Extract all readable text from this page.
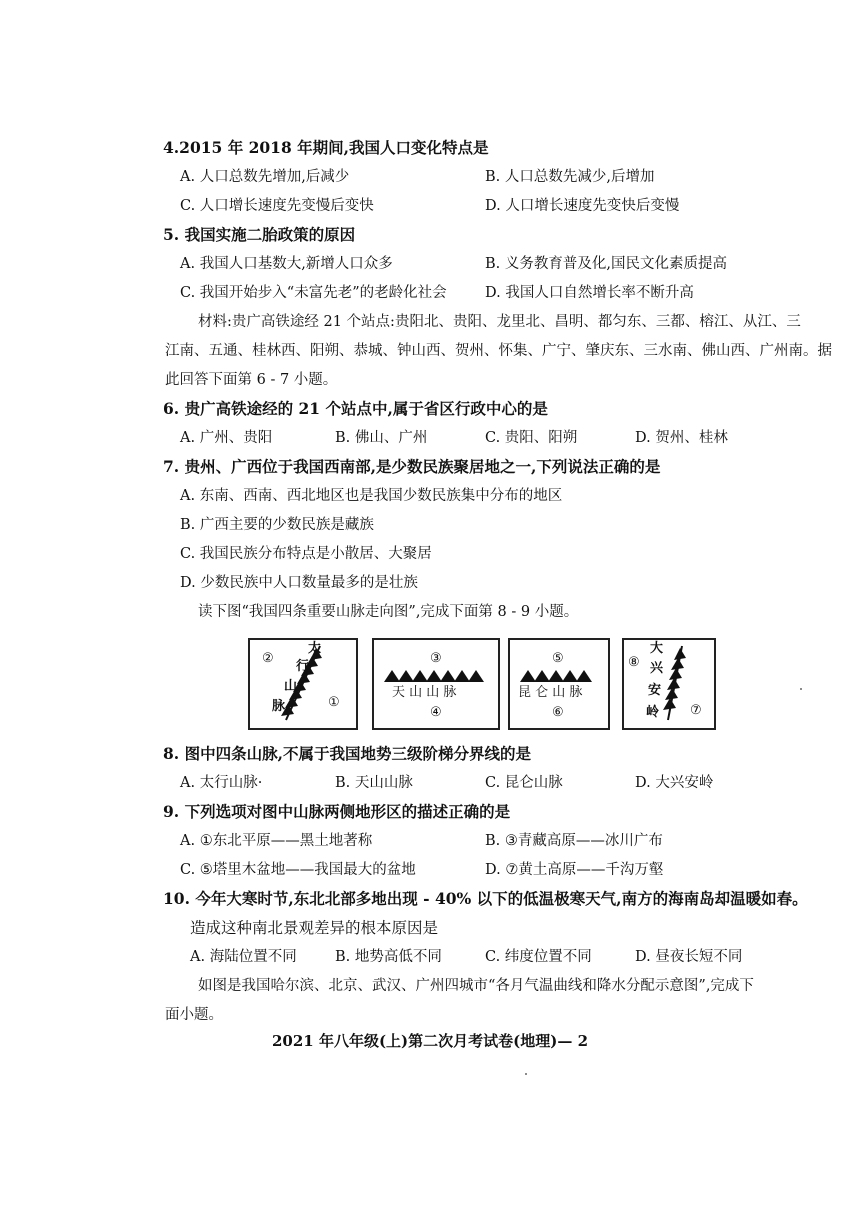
4.2015 年 2018 年期间,我国人口变化特点是
A. 人口总数先增加,后减少	B. 人口总数先减少,后增加
C. 人口增长速度先变慢后变快	D. 人口增长速度先变快后变慢
5. 我国实施二胎政策的原因
A. 我国人口基数大,新增人口众多	B. 义务教育普及化,国民文化素质提高
C. 我国开始步入“未富先老”的老龄化社会	D. 我国人口自然增长率不断升高
材料:贵广高铁途经 21 个站点:贵阳北、贵阳、龙里北、昌明、都匀东、三都、榕江、从江、三
江南、五通、桂林西、阳朔、恭城、钟山西、贺州、怀集、广宁、肇庆东、三水南、佛山西、广州南。据
此回答下面第 6 - 7 小题。
6. 贵广高铁途经的 21 个站点中,属于省区行政中心的是
A. 广州、贵阳	B. 佛山、广州	C. 贵阳、阳朔	D. 贺州、桂林
7. 贵州、广西位于我国西南部,是少数民族聚居地之一,下列说法正确的是
A. 东南、西南、西北地区也是我国少数民族集中分布的地区
B. 广西主要的少数民族是藏族
C. 我国民族分布特点是小散居、大聚居
D. 少数民族中人口数量最多的是壮族
读下图“我国四条重要山脉走向图”,完成下面第 8 - 9 小题。
②
①
太
行
山
脉
③
天 山 山 脉
④
⑤
昆 仑 山 脉
⑥
⑧
⑦
大
兴
安
岭
8. 图中四条山脉,不属于我国地势三级阶梯分界线的是
A. 太行山脉·	B. 天山山脉	C. 昆仑山脉	D. 大兴安岭
9. 下列选项对图中山脉两侧地形区的描述正确的是
A. ①东北平原——黑土地著称	B. ③青藏高原——冰川广布
C. ⑤塔里木盆地——我国最大的盆地	D. ⑦黄土高原——千沟万壑
10. 今年大寒时节,东北北部多地出现 - 40% 以下的低温极寒天气,南方的海南岛却温暖如春。
造成这种南北景观差异的根本原因是
A. 海陆位置不同	B. 地势高低不同	C. 纬度位置不同	D. 昼夜长短不同
如图是我国哈尔滨、北京、武汉、广州四城市“各月气温曲线和降水分配示意图”,完成下
面小题。
2021 年八年级(上)第二次月考试卷(地理)— 2
